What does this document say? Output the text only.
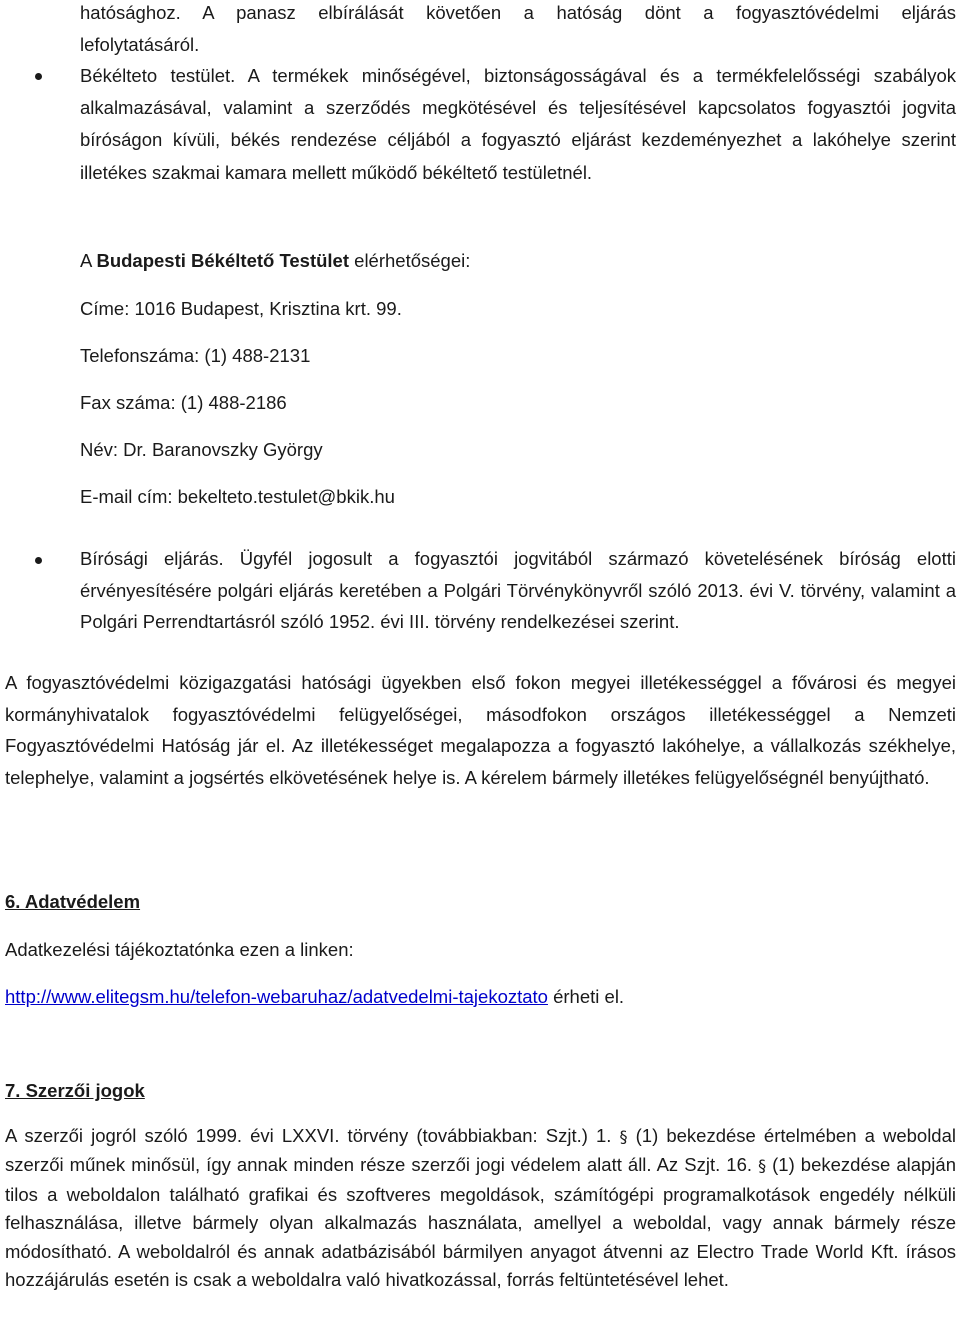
hatósághoz. A panasz elbírálását követően a hatóság dönt a fogyasztóvédelmi eljárás
lefolytatásáról.
Békélteto testület. A termékek minőségével, biztonságosságával és a termékfelelősségi szabályok alkalmazásával, valamint a szerződés megkötésével és teljesítésével kapcsolatos fogyasztói jogvita bíróságon kívüli, békés rendezése céljából a fogyasztó eljárást kezdeményezhet a lakóhelye szerint illetékes szakmai kamara mellett működő békéltető testületnél.
A Budapesti Békéltető Testület elérhetőségei:
Címe: 1016 Budapest, Krisztina krt. 99.
Telefonszáma: (1) 488-2131
Fax száma: (1) 488-2186
Név: Dr. Baranovszky György
E-mail cím: bekelteto.testulet@bkik.hu
Bírósági eljárás. Ügyfél jogosult a fogyasztói jogvitából származó követelésének bíróság elotti érvényesítésére polgári eljárás keretében a Polgári Törvénykönyvről szóló 2013. évi V. törvény, valamint a Polgári Perrendtartásról szóló 1952. évi III. törvény rendelkezései szerint.
A fogyasztóvédelmi közigazgatási hatósági ügyekben első fokon megyei illetékességgel a fővárosi és megyei kormányhivatalok fogyasztóvédelmi felügyelőségei, másodfokon országos illetékességgel a Nemzeti Fogyasztóvédelmi Hatóság jár el. Az illetékességet megalapozza a fogyasztó lakóhelye, a vállalkozás székhelye, telephelye, valamint a jogsértés elkövetésének helye is. A kérelem bármely illetékes felügyelőségnél benyújtható.
6. Adatvédelem
Adatkezelési tájékoztatónka ezen a linken:
http://www.elitegsm.hu/telefon-webaruhaz/adatvedelmi-tajekoztato érheti el.
7. Szerzői jogok
A szerzői jogról szóló 1999. évi LXXVI. törvény (továbbiakban: Szjt.) 1. § (1) bekezdése értelmében a weboldal szerzői műnek minősül, így annak minden része szerzői jogi védelem alatt áll. Az Szjt. 16. § (1) bekezdése alapján tilos a weboldalon található grafikai és szoftveres megoldások, számítógépi programalkotások engedély nélküli felhasználása, illetve bármely olyan alkalmazás használata, amellyel a weboldal, vagy annak bármely része módosítható. A weboldalról és annak adatbázisából bármilyen anyagot átvenni az Electro Trade World Kft. írásos hozzájárulás esetén is csak a weboldalra való hivatkozással, forrás feltüntetésével lehet.
